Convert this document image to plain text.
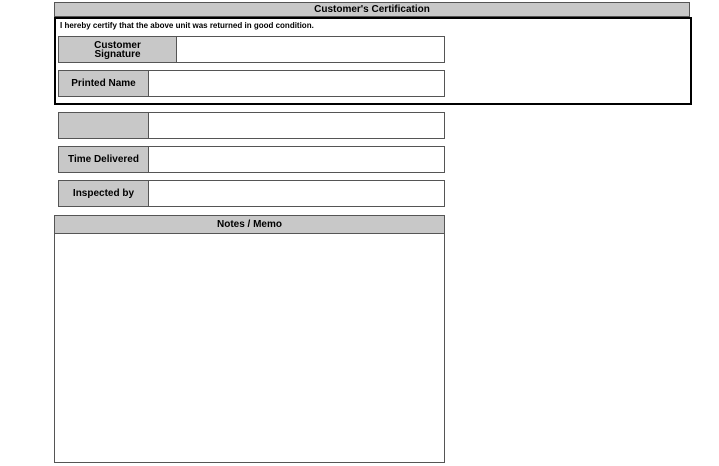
Customer's Certification
I hereby certify that the above unit was returned in good condition.
Customer Signature
Printed Name
Time Delivered
Inspected by
Notes / Memo
